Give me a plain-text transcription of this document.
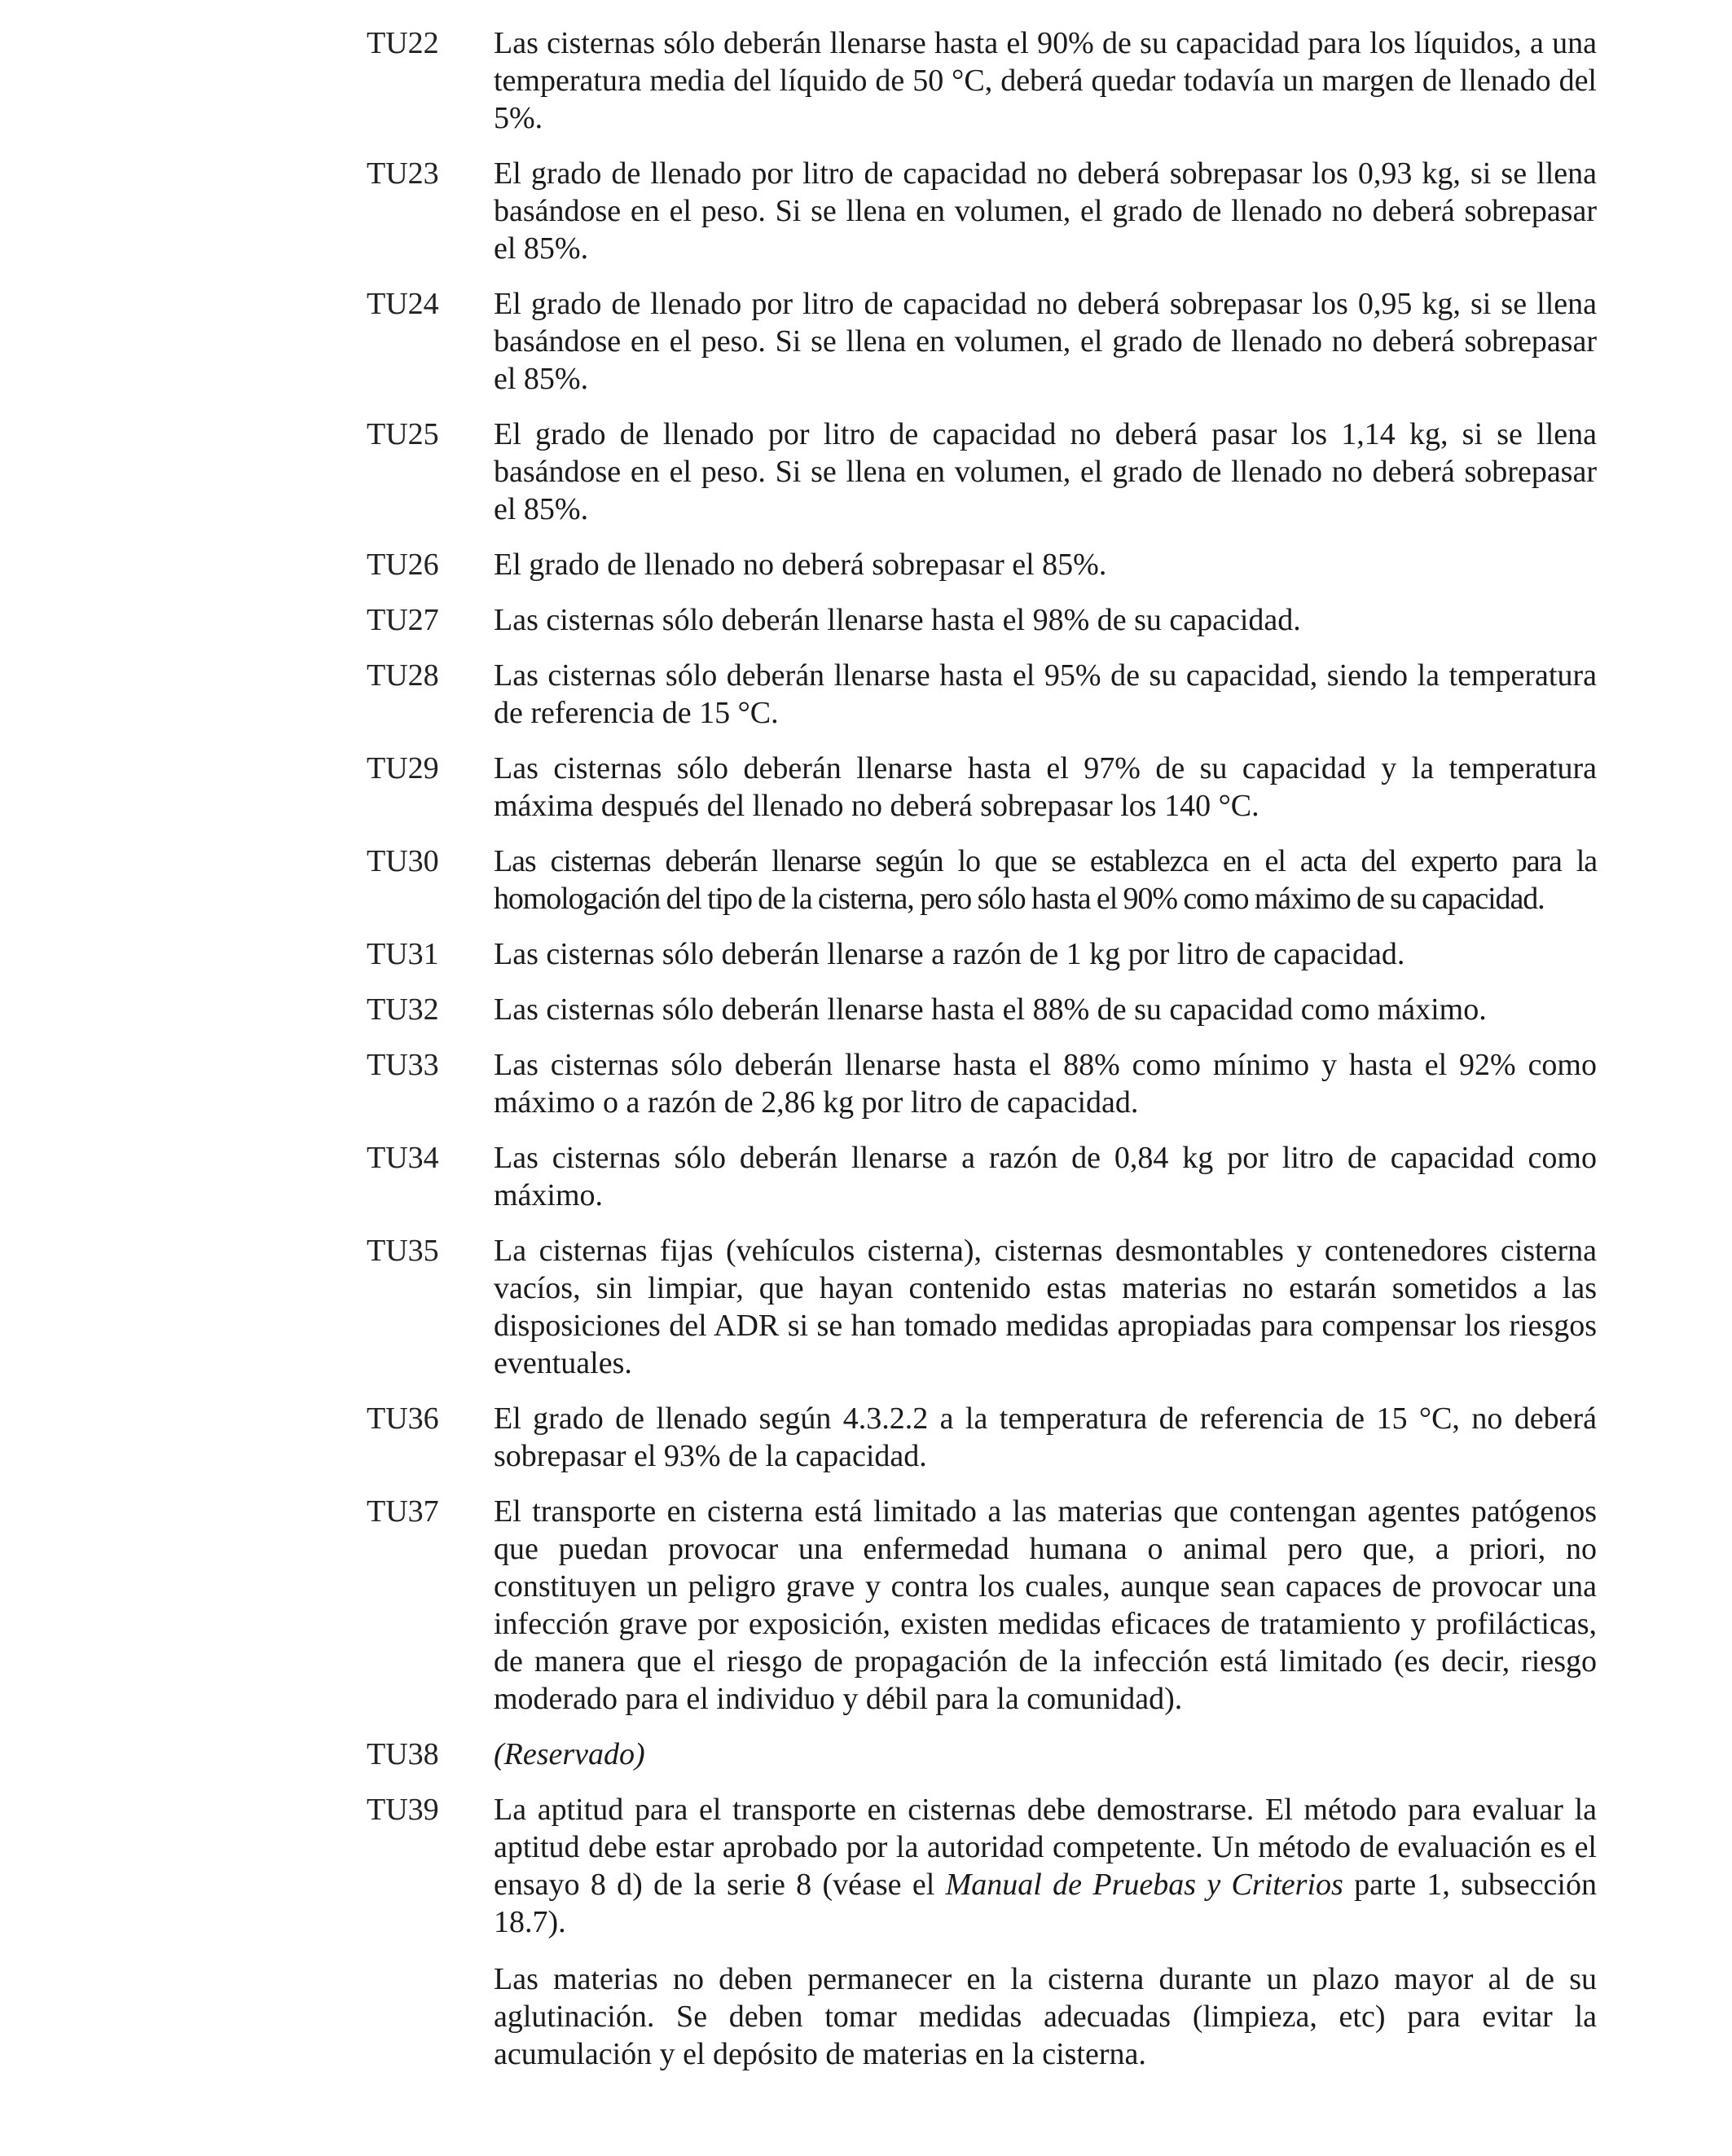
TU22	Las cisternas sólo deberán llenarse hasta el 90% de su capacidad para los líquidos, a una temperatura media del líquido de 50 °C, deberá quedar todavía un margen de llenado del 5%.

TU23	El grado de llenado por litro de capacidad no deberá sobrepasar los 0,93 kg, si se llena basándose en el peso. Si se llena en volumen, el grado de llenado no deberá sobrepasar el 85%.

TU24	El grado de llenado por litro de capacidad no deberá sobrepasar los 0,95 kg, si se llena basándose en el peso. Si se llena en volumen, el grado de llenado no deberá sobrepasar el 85%.

TU25	El grado de llenado por litro de capacidad no deberá pasar los 1,14 kg, si se llena basándose en el peso. Si se llena en volumen, el grado de llenado no deberá sobrepasar el 85%.

TU26	El grado de llenado no deberá sobrepasar el 85%.

TU27	Las cisternas sólo deberán llenarse hasta el 98% de su capacidad.

TU28	Las cisternas sólo deberán llenarse hasta el 95% de su capacidad, siendo la temperatura de referencia de 15 °C.

TU29	Las cisternas sólo deberán llenarse hasta el 97% de su capacidad y la temperatura máxima después del llenado no deberá sobrepasar los 140 °C.

TU30	Las cisternas deberán llenarse según lo que se establezca en el acta del experto para la homologación del tipo de la cisterna, pero sólo hasta el 90% como máximo de su capacidad.

TU31	Las cisternas sólo deberán llenarse a razón de 1 kg por litro de capacidad.

TU32	Las cisternas sólo deberán llenarse hasta el 88% de su capacidad como máximo.

TU33	Las cisternas sólo deberán llenarse hasta el 88% como mínimo y hasta el 92% como máximo o a razón de 2,86 kg por litro de capacidad.

TU34	Las cisternas sólo deberán llenarse a razón de 0,84 kg por litro de capacidad como máximo.

TU35	La cisternas fijas (vehículos cisterna), cisternas desmontables y contenedores cisterna vacíos, sin limpiar, que hayan contenido estas materias no estarán sometidos a las disposiciones del ADR si se han tomado medidas apropiadas para compensar los riesgos eventuales.

TU36	El grado de llenado según 4.3.2.2 a la temperatura de referencia de 15 °C, no deberá sobrepasar el 93% de la capacidad.

TU37	El transporte en cisterna está limitado a las materias que contengan agentes patógenos que puedan provocar una enfermedad humana o animal pero que, a priori, no constituyen un peligro grave y contra los cuales, aunque sean capaces de provocar una infección grave por exposición, existen medidas eficaces de tratamiento y profilácticas, de manera que el riesgo de propagación de la infección está limitado (es decir, riesgo moderado para el individuo y débil para la comunidad).

TU38	(Reservado)

TU39	La aptitud para el transporte en cisternas debe demostrarse. El método para evaluar la aptitud debe estar aprobado por la autoridad competente. Un método de evaluación es el ensayo 8 d) de la serie 8 (véase el Manual de Pruebas y Criterios parte 1, subsección 18.7).

Las materias no deben permanecer en la cisterna durante un plazo mayor al de su aglutinación. Se deben tomar medidas adecuadas (limpieza, etc) para evitar la acumulación y el depósito de materias en la cisterna.
